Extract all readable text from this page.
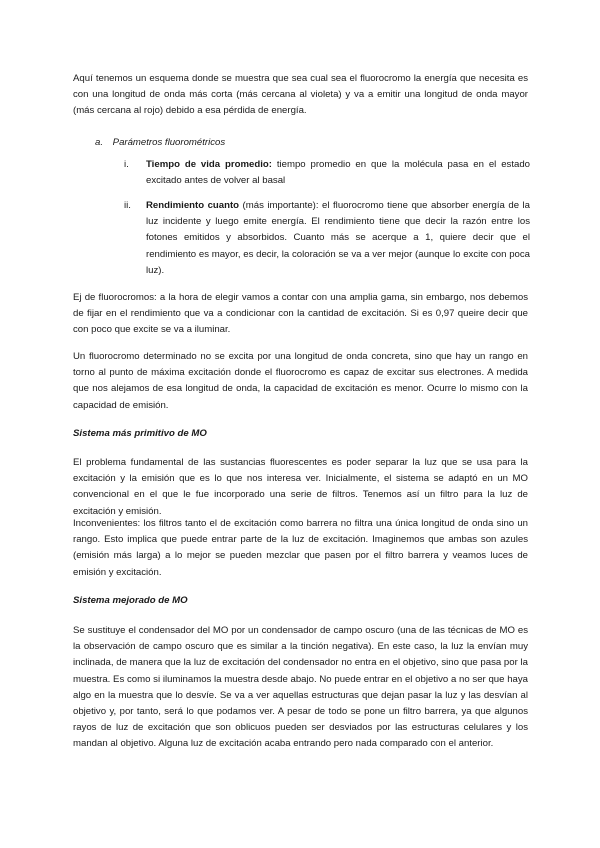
Aquí tenemos un esquema donde se muestra que sea cual sea el fluorocromo la energía que necesita es con una longitud de onda más corta (más cercana al violeta) y va a emitir una longitud de onda mayor (más cercana al rojo) debido a esa pérdida de energía.

a. Parámetros fluorométricos

i. Tiempo de vida promedio: tiempo promedio en que la molécula pasa en el estado excitado antes de volver al basal
ii. Rendimiento cuanto (más importante): el fluorocromo tiene que absorber energía de la luz incidente y luego emite energía. El rendimiento tiene que decir la razón entre los fotones emitidos y absorbidos. Cuanto más se acerque a 1, quiere decir que el rendimiento es mayor, es decir, la coloración se va a ver mejor (aunque lo excite con poca luz).

Ej de fluorocromos: a la hora de elegir vamos a contar con una amplia gama, sin embargo, nos debemos de fijar en el rendimiento que va a condicionar con la cantidad de excitación. Si es 0,97 queire decir que con poco que excite se va a iluminar.

Un fluorocromo determinado no se excita por una longitud de onda concreta, sino que hay un rango en torno al punto de máxima excitación donde el fluorocromo es capaz de excitar sus electrones. A medida que nos alejamos de esa longitud de onda, la capacidad de excitación es menor. Ocurre lo mismo con la capacidad de emisión.

Sistema más primitivo de MO

El problema fundamental de las sustancias fluorescentes es poder separar la luz que se usa para la excitación y la emisión que es lo que nos interesa ver. Inicialmente, el sistema se adaptó en un MO convencional en el que le fue incorporado una serie de filtros. Tenemos así un filtro para la luz de excitación y emisión.

Inconvenientes: los filtros tanto el de excitación como barrera no filtra una única longitud de onda sino un rango. Esto implica que puede entrar parte de la luz de excitación. Imaginemos que ambas son azules (emisión más larga) a lo mejor se pueden mezclar que pasen por el filtro barrera y veamos luces de emisión y excitación.

Sistema mejorado de MO

Se sustituye el condensador del MO por un condensador de campo oscuro (una de las técnicas de MO es la observación de campo oscuro que es similar a la tinción negativa). En este caso, la luz la envían muy inclinada, de manera que la luz de excitación del condensador no entra en el objetivo, sino que pasa por la muestra. Es como si iluminamos la muestra desde abajo. No puede entrar en el objetivo a no ser que haya algo en la muestra que lo desvíe. Se va a ver aquellas estructuras que dejan pasar la luz y las desvían al objetivo y, por tanto, será lo que podamos ver. A pesar de todo se pone un filtro barrera, ya que algunos rayos de luz de excitación que son oblicuos pueden ser desviados por las estructuras celulares y los mandan al objetivo. Alguna luz de excitación acaba entrando pero nada comparado con el anterior.
